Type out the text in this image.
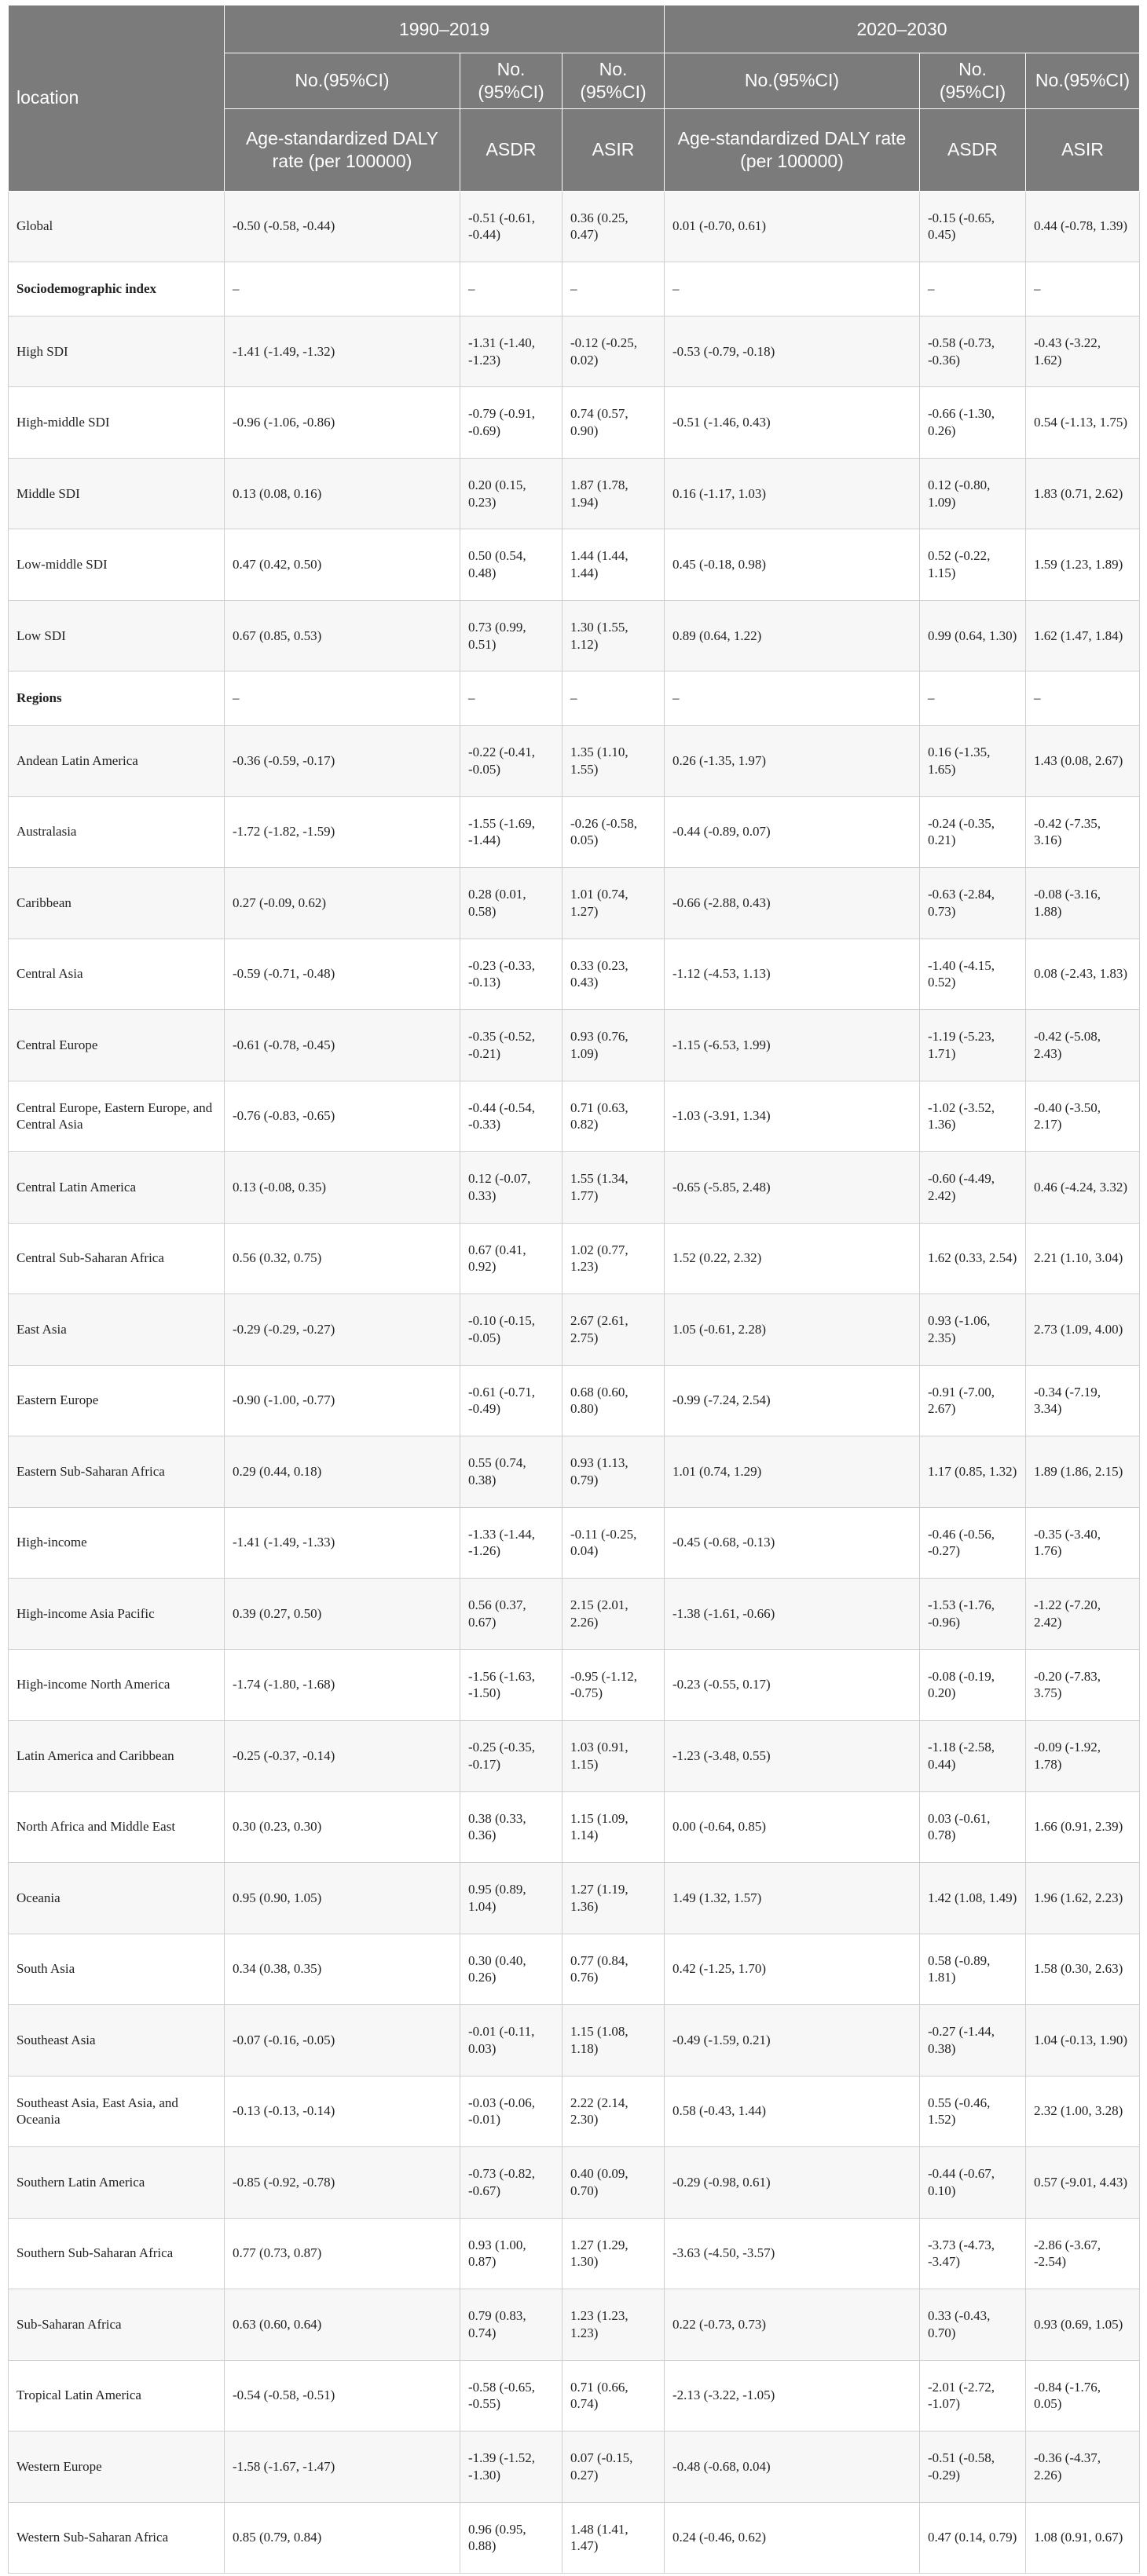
location	1990–2019			2020–2030		
	No.(95%CI)	No.(95%CI)	No.(95%CI)	No.(95%CI)	No.(95%CI)	No.(95%CI)
	Age-standardized DALY rate (per 100000)	ASDR	ASIR	Age-standardized DALY rate (per 100000)	ASDR	ASIR
Global	-0.50 (-0.58, -0.44)	-0.51 (-0.61, -0.44)	0.36 (0.25, 0.47)	0.01 (-0.70, 0.61)	-0.15 (-0.65, 0.45)	0.44 (-0.78, 1.39)
Sociodemographic index	–	–	–	–	–	–
High SDI	-1.41 (-1.49, -1.32)	-1.31 (-1.40, -1.23)	-0.12 (-0.25, 0.02)	-0.53 (-0.79, -0.18)	-0.58 (-0.73, -0.36)	-0.43 (-3.22, 1.62)
High-middle SDI	-0.96 (-1.06, -0.86)	-0.79 (-0.91, -0.69)	0.74 (0.57, 0.90)	-0.51 (-1.46, 0.43)	-0.66 (-1.30, 0.26)	0.54 (-1.13, 1.75)
Middle SDI	0.13 (0.08, 0.16)	0.20 (0.15, 0.23)	1.87 (1.78, 1.94)	0.16 (-1.17, 1.03)	0.12 (-0.80, 1.09)	1.83 (0.71, 2.62)
Low-middle SDI	0.47 (0.42, 0.50)	0.50 (0.54, 0.48)	1.44 (1.44, 1.44)	0.45 (-0.18, 0.98)	0.52 (-0.22, 1.15)	1.59 (1.23, 1.89)
Low SDI	0.67 (0.85, 0.53)	0.73 (0.99, 0.51)	1.30 (1.55, 1.12)	0.89 (0.64, 1.22)	0.99 (0.64, 1.30)	1.62 (1.47, 1.84)
Regions	–	–	–	–	–	–
Andean Latin America	-0.36 (-0.59, -0.17)	-0.22 (-0.41, -0.05)	1.35 (1.10, 1.55)	0.26 (-1.35, 1.97)	0.16 (-1.35, 1.65)	1.43 (0.08, 2.67)
Australasia	-1.72 (-1.82, -1.59)	-1.55 (-1.69, -1.44)	-0.26 (-0.58, 0.05)	-0.44 (-0.89, 0.07)	-0.24 (-0.35, 0.21)	-0.42 (-7.35, 3.16)
Caribbean	0.27 (-0.09, 0.62)	0.28 (0.01, 0.58)	1.01 (0.74, 1.27)	-0.66 (-2.88, 0.43)	-0.63 (-2.84, 0.73)	-0.08 (-3.16, 1.88)
Central Asia	-0.59 (-0.71, -0.48)	-0.23 (-0.33, -0.13)	0.33 (0.23, 0.43)	-1.12 (-4.53, 1.13)	-1.40 (-4.15, 0.52)	0.08 (-2.43, 1.83)
Central Europe	-0.61 (-0.78, -0.45)	-0.35 (-0.52, -0.21)	0.93 (0.76, 1.09)	-1.15 (-6.53, 1.99)	-1.19 (-5.23, 1.71)	-0.42 (-5.08, 2.43)
Central Europe, Eastern Europe, and Central Asia	-0.76 (-0.83, -0.65)	-0.44 (-0.54, -0.33)	0.71 (0.63, 0.82)	-1.03 (-3.91, 1.34)	-1.02 (-3.52, 1.36)	-0.40 (-3.50, 2.17)
Central Latin America	0.13 (-0.08, 0.35)	0.12 (-0.07, 0.33)	1.55 (1.34, 1.77)	-0.65 (-5.85, 2.48)	-0.60 (-4.49, 2.42)	0.46 (-4.24, 3.32)
Central Sub-Saharan Africa	0.56 (0.32, 0.75)	0.67 (0.41, 0.92)	1.02 (0.77, 1.23)	1.52 (0.22, 2.32)	1.62 (0.33, 2.54)	2.21 (1.10, 3.04)
East Asia	-0.29 (-0.29, -0.27)	-0.10 (-0.15, -0.05)	2.67 (2.61, 2.75)	1.05 (-0.61, 2.28)	0.93 (-1.06, 2.35)	2.73 (1.09, 4.00)
Eastern Europe	-0.90 (-1.00, -0.77)	-0.61 (-0.71, -0.49)	0.68 (0.60, 0.80)	-0.99 (-7.24, 2.54)	-0.91 (-7.00, 2.67)	-0.34 (-7.19, 3.34)
Eastern Sub-Saharan Africa	0.29 (0.44, 0.18)	0.55 (0.74, 0.38)	0.93 (1.13, 0.79)	1.01 (0.74, 1.29)	1.17 (0.85, 1.32)	1.89 (1.86, 2.15)
High-income	-1.41 (-1.49, -1.33)	-1.33 (-1.44, -1.26)	-0.11 (-0.25, 0.04)	-0.45 (-0.68, -0.13)	-0.46 (-0.56, -0.27)	-0.35 (-3.40, 1.76)
High-income Asia Pacific	0.39 (0.27, 0.50)	0.56 (0.37, 0.67)	2.15 (2.01, 2.26)	-1.38 (-1.61, -0.66)	-1.53 (-1.76, -0.96)	-1.22 (-7.20, 2.42)
High-income North America	-1.74 (-1.80, -1.68)	-1.56 (-1.63, -1.50)	-0.95 (-1.12, -0.75)	-0.23 (-0.55, 0.17)	-0.08 (-0.19, 0.20)	-0.20 (-7.83, 3.75)
Latin America and Caribbean	-0.25 (-0.37, -0.14)	-0.25 (-0.35, -0.17)	1.03 (0.91, 1.15)	-1.23 (-3.48, 0.55)	-1.18 (-2.58, 0.44)	-0.09 (-1.92, 1.78)
North Africa and Middle East	0.30 (0.23, 0.30)	0.38 (0.33, 0.36)	1.15 (1.09, 1.14)	0.00 (-0.64, 0.85)	0.03 (-0.61, 0.78)	1.66 (0.91, 2.39)
Oceania	0.95 (0.90, 1.05)	0.95 (0.89, 1.04)	1.27 (1.19, 1.36)	1.49 (1.32, 1.57)	1.42 (1.08, 1.49)	1.96 (1.62, 2.23)
South Asia	0.34 (0.38, 0.35)	0.30 (0.40, 0.26)	0.77 (0.84, 0.76)	0.42 (-1.25, 1.70)	0.58 (-0.89, 1.81)	1.58 (0.30, 2.63)
Southeast Asia	-0.07 (-0.16, -0.05)	-0.01 (-0.11, 0.03)	1.15 (1.08, 1.18)	-0.49 (-1.59, 0.21)	-0.27 (-1.44, 0.38)	1.04 (-0.13, 1.90)
Southeast Asia, East Asia, and Oceania	-0.13 (-0.13, -0.14)	-0.03 (-0.06, -0.01)	2.22 (2.14, 2.30)	0.58 (-0.43, 1.44)	0.55 (-0.46, 1.52)	2.32 (1.00, 3.28)
Southern Latin America	-0.85 (-0.92, -0.78)	-0.73 (-0.82, -0.67)	0.40 (0.09, 0.70)	-0.29 (-0.98, 0.61)	-0.44 (-0.67, 0.10)	0.57 (-9.01, 4.43)
Southern Sub-Saharan Africa	0.77 (0.73, 0.87)	0.93 (1.00, 0.87)	1.27 (1.29, 1.30)	-3.63 (-4.50, -3.57)	-3.73 (-4.73, -3.47)	-2.86 (-3.67, -2.54)
Sub-Saharan Africa	0.63 (0.60, 0.64)	0.79 (0.83, 0.74)	1.23 (1.23, 1.23)	0.22 (-0.73, 0.73)	0.33 (-0.43, 0.70)	0.93 (0.69, 1.05)
Tropical Latin America	-0.54 (-0.58, -0.51)	-0.58 (-0.65, -0.55)	0.71 (0.66, 0.74)	-2.13 (-3.22, -1.05)	-2.01 (-2.72, -1.07)	-0.84 (-1.76, 0.05)
Western Europe	-1.58 (-1.67, -1.47)	-1.39 (-1.52, -1.30)	0.07 (-0.15, 0.27)	-0.48 (-0.68, 0.04)	-0.51 (-0.58, -0.29)	-0.36 (-4.37, 2.26)
Western Sub-Saharan Africa	0.85 (0.79, 0.84)	0.96 (0.95, 0.88)	1.48 (1.41, 1.47)	0.24 (-0.46, 0.62)	0.47 (0.14, 0.79)	1.08 (0.91, 0.67)
